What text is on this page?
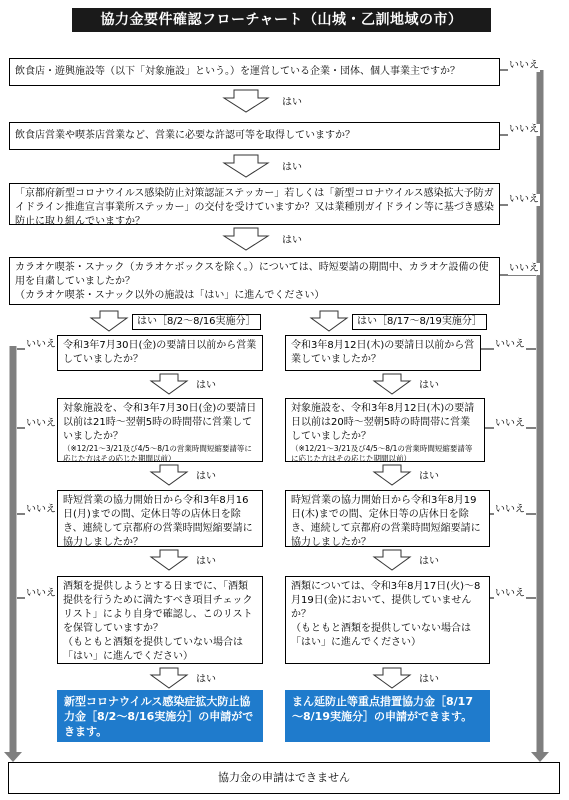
協力金要件確認フローチャート（山城・乙訓地域の市）
飲食店・遊興施設等（以下「対象施設」という。）を運営している企業・団体、個人事業主ですか？
飲食店営業や喫茶店営業など、営業に必要な許認可等を取得していますか？
「京都府新型コロナウイルス感染防止対策認証ステッカー」若しくは「新型コロナウイルス感染拡大予防ガイドライン推進宣言事業所ステッカー」の交付を受けていますか？又は業種別ガイドライン等に基づき感染防止に取り組んでいますか？
カラオケ喫茶・スナック（カラオケボックスを除く。）については、時短要請の期間中、カラオケ設備の使用を自粛していましたか？
（カラオケ喫茶・スナック以外の施設は「はい」に進んでください）
はい
はい
はい
いいえ
いいえ
いいえ
いいえ
はい［8/2～8/16実施分］	はい［8/17～8/19実施分］
令和3年7月30日(金)の要請日以前から営業していましたか？
対象施設を、令和3年7月30日(金)の要請日以前は21時～翌朝5時の時間帯に営業していましたか？
（※12/21～3/21及び4/5～8/1の営業時間短縮要請等に応じた方はその応じた期間以前）
時短営業の協力開始日から令和3年8月16日(月)までの間、定休日等の店休日を除き、連続して京都府の営業時間短縮要請に協力しましたか？
酒類を提供しようとする日までに、「酒類提供を行うために満たすべき項目チェックリスト」により自身で確認し、このリストを保管していますか？
（もともと酒類を提供していない場合は「はい」に進んでください）
新型コロナウイルス感染症拡大防止協力金［8/2～8/16実施分］の申請ができます。
はい
はい
はい
はい
いいえ
いいえ
いいえ
いいえ
令和3年8月12日(木)の要請日以前から営業していましたか？
対象施設を、令和3年8月12日(木)の要請日以前は20時～翌朝5時の時間帯に営業していましたか？
（※12/21～3/21及び4/5～8/1の営業時間短縮要請等に応じた方はその応じた期間以前）
時短営業の協力開始日から令和3年8月19日(木)までの間、定休日等の店休日を除き、連続して京都府の営業時間短縮要請に協力しましたか？
酒類については、令和3年8月17日(火)～8月19日(金)において、提供していませんか？
（もともと酒類を提供していない場合は「はい」に進んでください）
まん延防止等重点措置協力金［8/17～8/19実施分］の申請ができます。
はい
はい
はい
はい
いいえ
いいえ
いいえ
いいえ
協力金の申請はできません
